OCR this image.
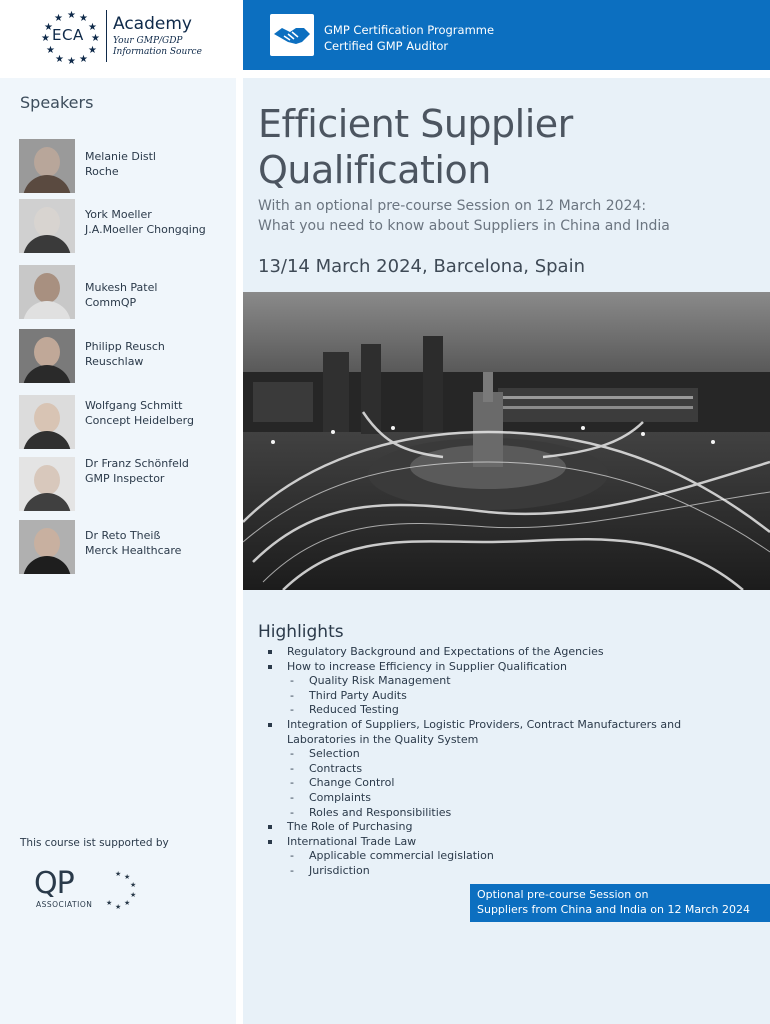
★ ★
★
★
★
★
★
★
★
★
★
★
ECA
Academy
Your GMP/GDP
Information Source
GMP Certification Programme
Certified GMP Auditor
Speakers
Melanie Distl
Roche
York Moeller
J.A.Moeller Chongqing
Mukesh Patel
CommQP
Philipp Reusch
Reuschlaw
Wolfgang Schmitt
Concept Heidelberg
Dr Franz Schönfeld
GMP Inspector
Dr Reto Theiß
Merck Healthcare
This course ist supported by
QP
ASSOCIATION
★ ★
★
★
★
★
★
Efficient Supplier
Qualification
With an optional pre-course Session on 12 March 2024:
What you need to know about Suppliers in China and India
13/14 March 2024, Barcelona, Spain
Highlights
Regulatory Background and Expectations of the Agencies
How to increase Efficiency in Supplier Qualification
- Quality Risk Management
- Third Party Audits
- Reduced Testing
Integration of Suppliers, Logistic Providers, Contract Manufacturers and
Laboratories in the Quality System
- Selection
- Contracts
- Change Control
- Complaints
- Roles and Responsibilities
The Role of Purchasing
International Trade Law
- Applicable commercial legislation
- Jurisdiction
Optional pre-course Session on
Suppliers from China and India on 12 March 2024
